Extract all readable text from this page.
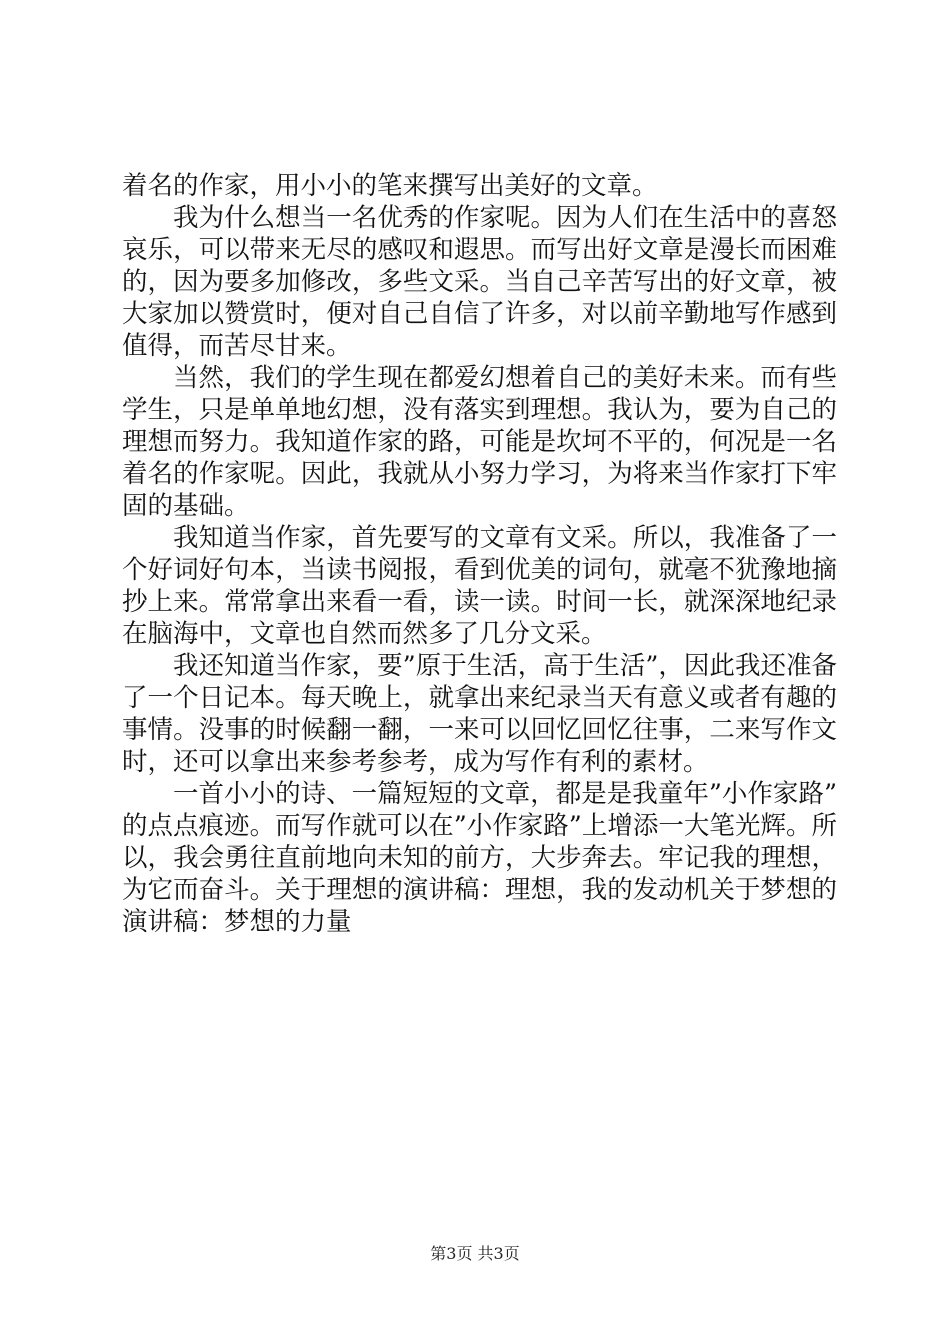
着名的作家，用小小的笔来撰写出美好的文章。

我为什么想当一名优秀的作家呢。因为人们在生活中的喜怒哀乐，可以带来无尽的感叹和遐思。而写出好文章是漫长而困难的，因为要多加修改，多些文采。当自己辛苦写出的好文章，被大家加以赞赏时，便对自己自信了许多，对以前辛勤地写作感到值得，而苦尽甘来。

当然，我们的学生现在都爱幻想着自己的美好未来。而有些学生，只是单单地幻想，没有落实到理想。我认为，要为自己的理想而努力。我知道作家的路，可能是坎坷不平的，何况是一名着名的作家呢。因此，我就从小努力学习，为将来当作家打下牢固的基础。

我知道当作家，首先要写的文章有文采。所以，我准备了一个好词好句本，当读书阅报，看到优美的词句，就毫不犹豫地摘抄上来。常常拿出来看一看，读一读。时间一长，就深深地纪录在脑海中，文章也自然而然多了几分文采。

我还知道当作家，要”原于生活，高于生活”，因此我还准备了一个日记本。每天晚上，就拿出来纪录当天有意义或者有趣的事情。没事的时候翻一翻，一来可以回忆回忆往事，二来写作文时，还可以拿出来参考参考，成为写作有利的素材。

一首小小的诗、一篇短短的文章，都是是我童年”小作家路”的点点痕迹。而写作就可以在”小作家路”上增添一大笔光辉。所以，我会勇往直前地向未知的前方，大步奔去。牢记我的理想，为它而奋斗。关于理想的演讲稿：理想，我的发动机关于梦想的演讲稿：梦想的力量

第3页 共3页
